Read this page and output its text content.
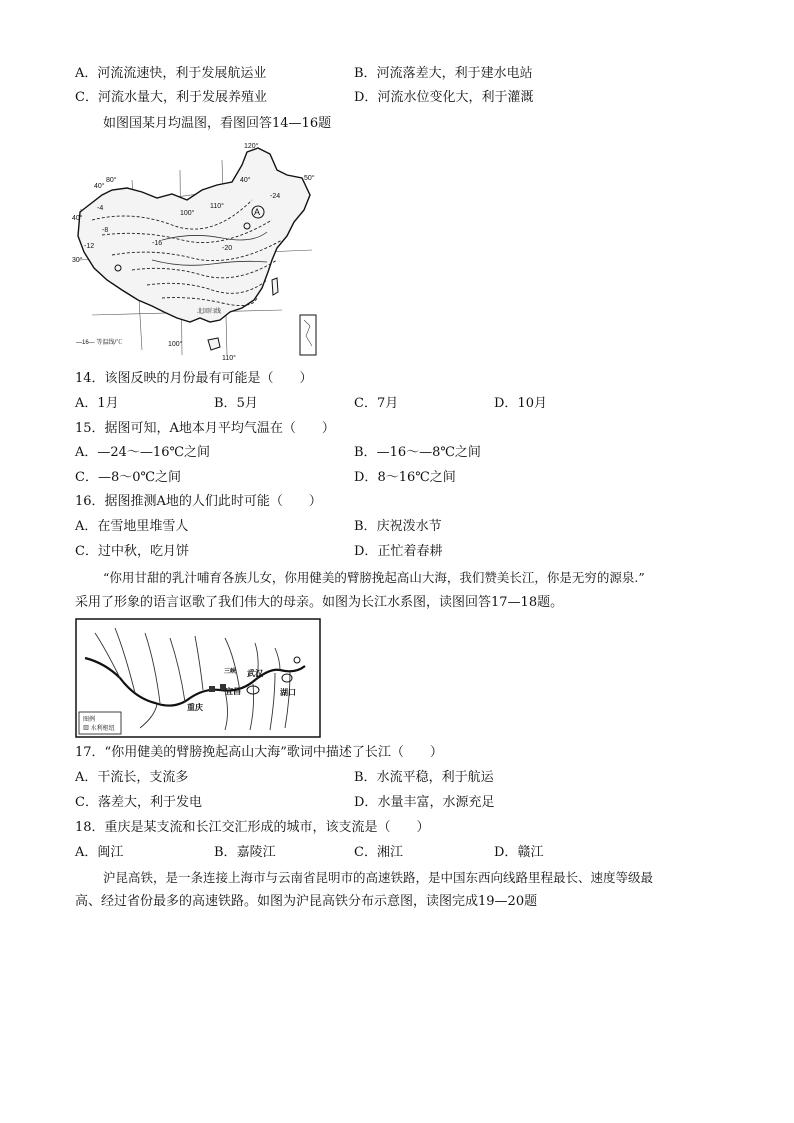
A．河流流速快，利于发展航运业	B．河流落差大，利于建水电站
C．河流水量大，利于发展养殖业	D．河流水位变化大，利于灌溉
如图国某月均温图，看图回答14—16题
120°
50°
40°
80°
40°
100°
110°
40°
30°
100°
110°
-4
-8
-12	-16
-20
-24
A
北回归线
—16— 等温线/℃
14．该图反映的月份最有可能是（　　）
A．1月	B．5月	C．7月	D．10月
15．据图可知，A地本月平均气温在（　　）
A．—24～—16℃之间	B．—16～—8℃之间
C．—8～0℃之间	D．8～16℃之间
16．据图推测A地的人们此时可能（　　）
A．在雪地里堆雪人	B．庆祝泼水节
C．过中秋，吃月饼	D．正忙着春耕
“你用甘甜的乳汁哺育各族儿女，你用健美的臂膀挽起高山大海，我们赞美长江，你是无穷的源泉.”
采用了形象的语言讴歌了我们伟大的母亲。如图为长江水系图，读图回答17—18题。
武汉
湖口
宜昌
重庆
三峡
图例
▨ 水利枢纽
17．“你用健美的臂膀挽起高山大海”歌词中描述了长江（　　）
A．干流长，支流多	B．水流平稳，利于航运
C．落差大，利于发电	D．水量丰富，水源充足
18．重庆是某支流和长江交汇形成的城市，该支流是（　　）
A．闽江	B．嘉陵江	C．湘江	D．赣江
沪昆高铁，是一条连接上海市与云南省昆明市的高速铁路，是中国东西向线路里程最长、速度等级最
高、经过省份最多的高速铁路。如图为沪昆高铁分布示意图，读图完成19—20题
